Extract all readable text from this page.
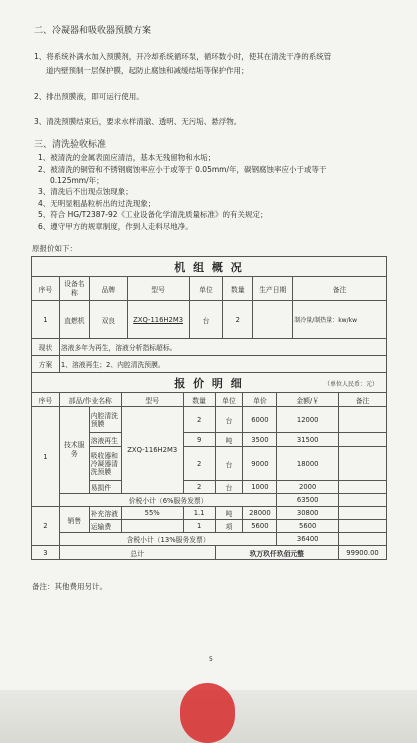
二、冷凝器和吸收器预膜方案
1、将系统补满水加入预膜剂，开冷却系统循环泵，循环数小时，使其在清洗干净的系统管
道内壁预制一层保护膜，起防止腐蚀和减缓结垢等保护作用；
2、排出预膜液，即可运行使用。
3、清洗预膜结束后，要求水样清澈、透明、无污垢、悬浮物。
三、清洗验收标准
1、被清洗的金属表面应清洁，基本无残留物和水垢；
2、被清洗的铜管和不锈钢腐蚀率应小于或等于 0.05mm/年，碳钢腐蚀率应小于或等于
0.125mm/年；
3、清洗后不出现点蚀现象；
4、无明显粗晶粒析出的过洗现象；
5、符合 HG/T2387-92《工业设备化学清洗质量标准》的有关规定；
6、遵守甲方的规章制度，作到人走料尽地净。
原报价如下：
机 组 概 况							
序号	设备名称	品牌	型号	单位	数量	生产日期	备注
1	直燃机	双良	ZXQ-116H2M3	台	2		制冷量/制热量：kw/kw
现状	溶液多年为再生，溶液分析指标超标。						
方案	1、溶液再生；2、内腔清洗预膜。						
报 价 明 细 （单位人民币：元）								

序号	部品/作业名称		型号	数量	单位	单价	金额/￥	备注
1	技术服务	内腔清洗预膜	ZXQ-116H2M3	2	台	6000	12000	
		溶液再生		9	吨	3500	31500	
		吸收器和冷凝器清洗预膜		2	台	9000	18000	
		易损件		2	台	1000	2000	
	价税小计（6%服务发票）						63500	
2	销售	补充溶液	55%	1.1	吨	28000	30800	
		运输费		1	项	5600	5600	
	含税小计（13%服务发票）						36400	
3	总计				玖万玖仟玖佰元整			99900.00
备注：其他费用另计。
5
